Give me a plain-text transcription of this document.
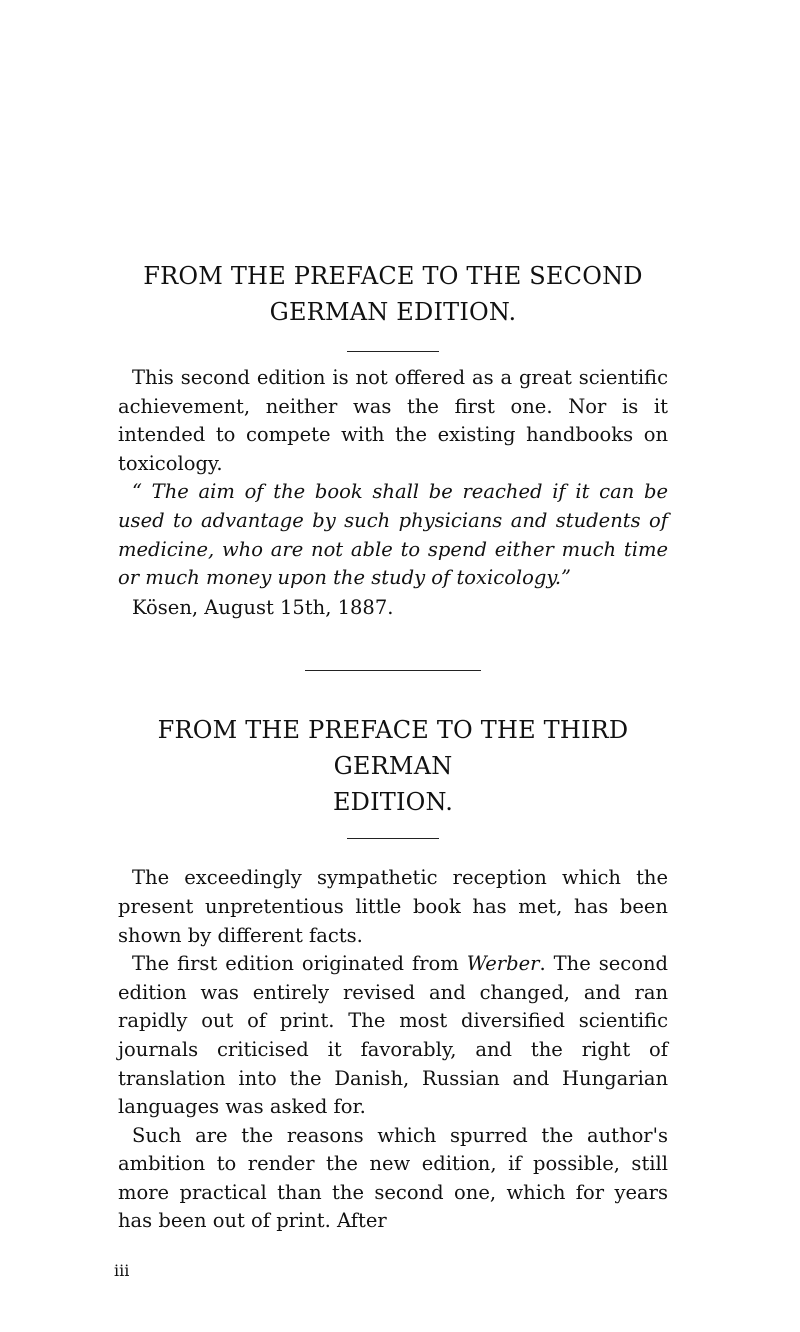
FROM THE PREFACE TO THE SECOND
GERMAN EDITION.

This second edition is not offered as a great scientific achievement, neither was the first one. Nor is it intended to compete with the existing handbooks on toxicology.

“ The aim of the book shall be reached if it can be used to advantage by such physicians and students of medicine, who are not able to spend either much time or much money upon the study of toxicology.”

Kösen, August 15th, 1887.

FROM THE PREFACE TO THE THIRD GERMAN
EDITION.

The exceedingly sympathetic reception which the present unpretentious little book has met, has been shown by different facts.

The first edition originated from Werber. The second edition was entirely revised and changed, and ran rapidly out of print. The most diversified scientific journals criticised it favorably, and the right of translation into the Danish, Russian and Hungarian languages was asked for.

Such are the reasons which spurred the author's ambition to render the new edition, if possible, still more practical than the second one, which for years has been out of print. After

iii
